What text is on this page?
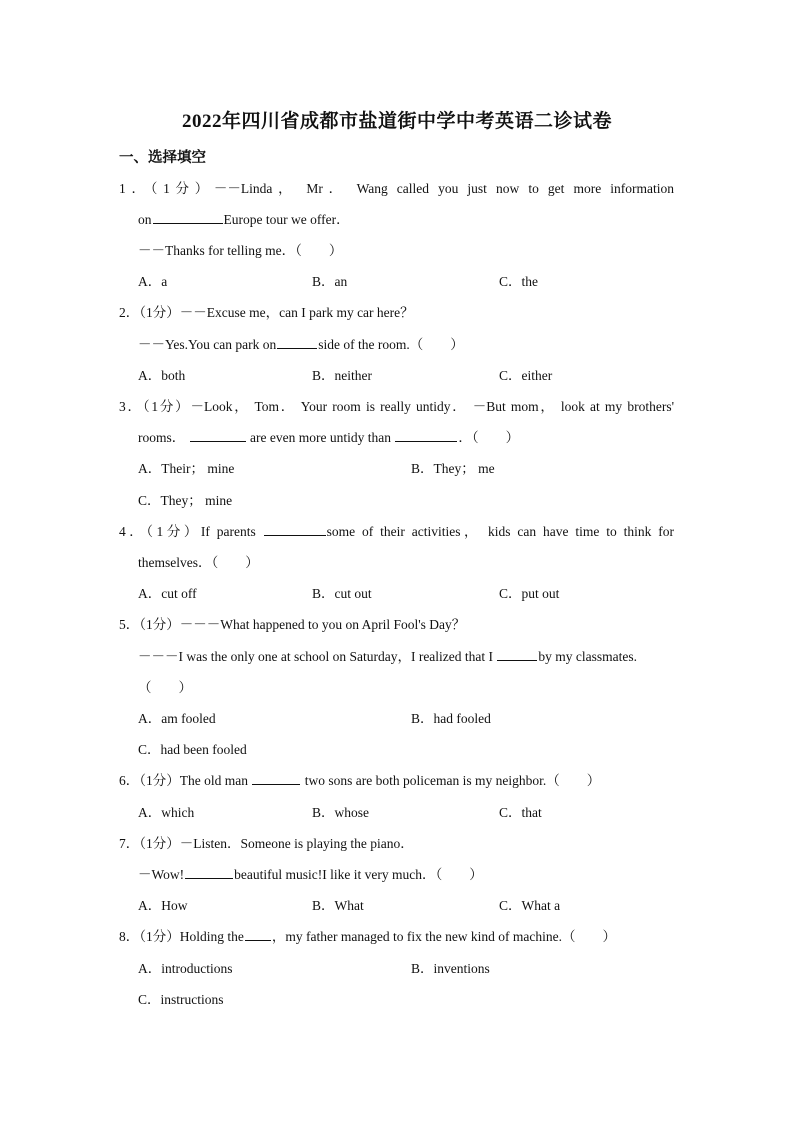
2022年四川省成都市盐道街中学中考英语二诊试卷
一、选择填空
1．（1分）－－Linda， Mr． Wang called you just now to get more information
on	Europe tour we offer．
－－Thanks for telling me．（　　）
A．a	B．an	C．the
2．（1分）－－Excuse me，can I park my car here？
－－Yes.You can park on	side of the room.（　　）
A．both	B．neither	C．either
3．（1分）－Look， Tom． Your room is really untidy． －But mom， look at my brothers'
rooms．	are even more untidy than	．（　　）
A．Their； mine	B．They； me
C．They； mine
4．（1分）If parents	some of their activities， kids can have time to think for
themselves．（　　）
A．cut off	B．cut out	C．put out
5．（1分）－－－What happened to you on April Fool's Day？
－－－I was the only one at school on Saturday，I realized that I	by my classmates.
（　　）
A．am fooled	B．had fooled
C．had been fooled
6．（1分）The old man	two sons are both policeman is my neighbor.（　　）
A．which	B．whose	C．that
7．（1分）－Listen．Someone is playing the piano．
－Wow!	beautiful music!I like it very much．（　　）
A．How	B．What	C．What a
8．（1分）Holding the ，my father managed to fix the new kind of machine.（　　）
A．introductions	B．inventions
C．instructions
